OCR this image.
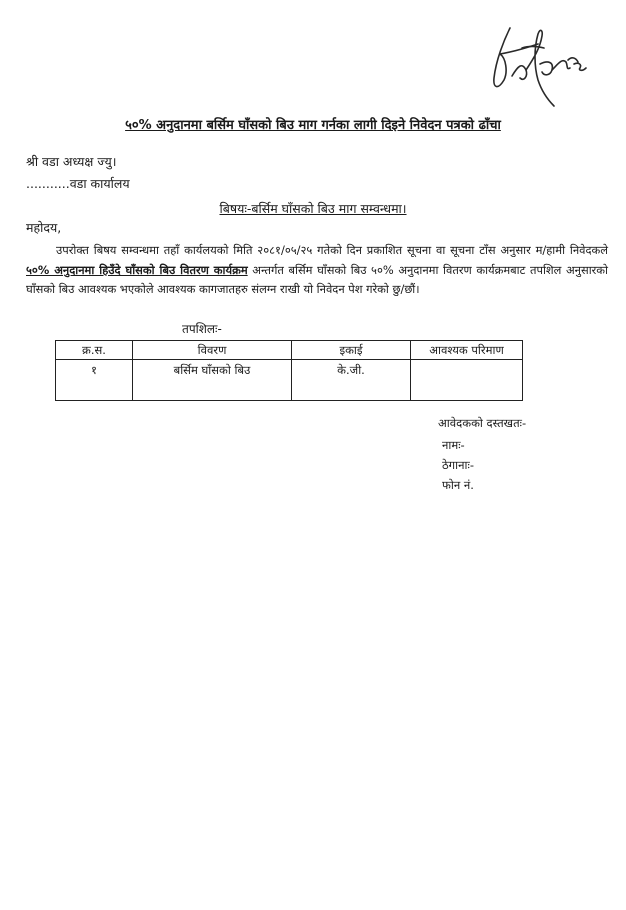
५०% अनुदानमा बर्सिम घाँसको बिउ माग गर्नका लागी दिइने निवेदन पत्रको ढाँचा
श्री वडा अध्यक्ष ज्यु।
...........वडा कार्यालय
बिषयः-बर्सिम घाँसको बिउ माग सम्वन्धमा।
महोदय,
उपरोक्त बिषय सम्वन्धमा तहाँ कार्यलयको मिति २०८१/०५/२५ गतेको दिन प्रकाशित सूचना वा सूचना टाँस अनुसार म/हामी निवेदकले ५०% अनुदानमा हिउँदे घाँसको बिउ वितरण कार्यक्रम अन्तर्गत बर्सिम घाँसको बिउ ५०% अनुदानमा वितरण कार्यक्रमबाट तपशिल अनुसारको घाँसको बिउ आवश्यक भएकोले आवश्यक कागजातहरु संलग्न राखी यो निवेदन पेश गरेको छु/छौं।
तपशिलः-
क्र.स.	विवरण	इकाई	आवश्यक परिमाण
१	बर्सिम घाँसको बिउ	के.जी.	
आवेदकको दस्तखतः-
नामः-
ठेगानाः-
फोन नं.
